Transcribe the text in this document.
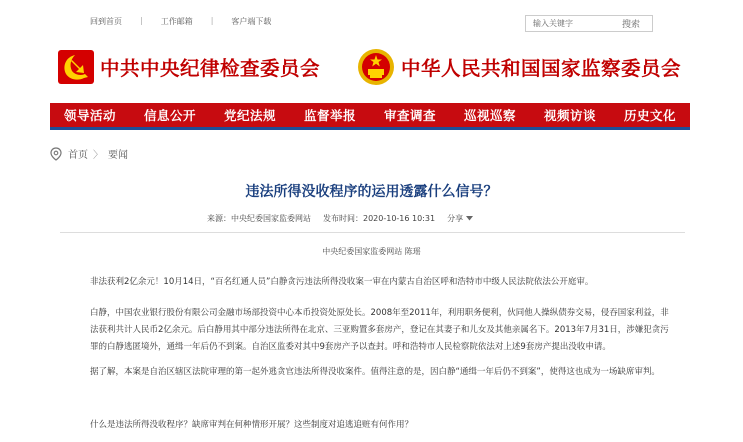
回到首页 | 工作邮箱 | 客户端下载
输入关键字	搜索
中共中央纪律检查委员会	中华人民共和国国家监察委员会
领导活动	信息公开	党纪法规	监督举报	审查调查	巡视巡察	视频访谈	历史文化
首页 〉 要闻
违法所得没收程序的运用透露什么信号？
来源：中央纪委国家监委网站 发布时间：2020-10-16 10:31 分享
中央纪委国家监委网站 陈瑶

非法获利2亿余元！10月14日，“百名红通人员”白静贪污违法所得没收案一审在内蒙古自治区呼和浩特市中级人民法院依法公开庭审。

白静，中国农业银行股份有限公司金融市场部投资中心本币投资处原处长。2008年至2011年，利用职务便利，伙同他人操纵债券交易，侵吞国家利益，非法获利共计人民币2亿余元。后白静用其中部分违法所得在北京、三亚购置多套房产，登记在其妻子和儿女及其他亲属名下。2013年7月31日，涉嫌犯贪污罪的白静逃匿境外，通缉一年后仍不到案。自治区监委对其中9套房产予以查封。呼和浩特市人民检察院依法对上述9套房产提出没收申请。

据了解，本案是自治区辖区法院审理的第一起外逃贪官违法所得没收案件。值得注意的是，因白静“通缉一年后仍不到案”，使得这也成为一场缺席审判。

什么是违法所得没收程序？缺席审判在何种情形开展？这些制度对追逃追赃有何作用？
